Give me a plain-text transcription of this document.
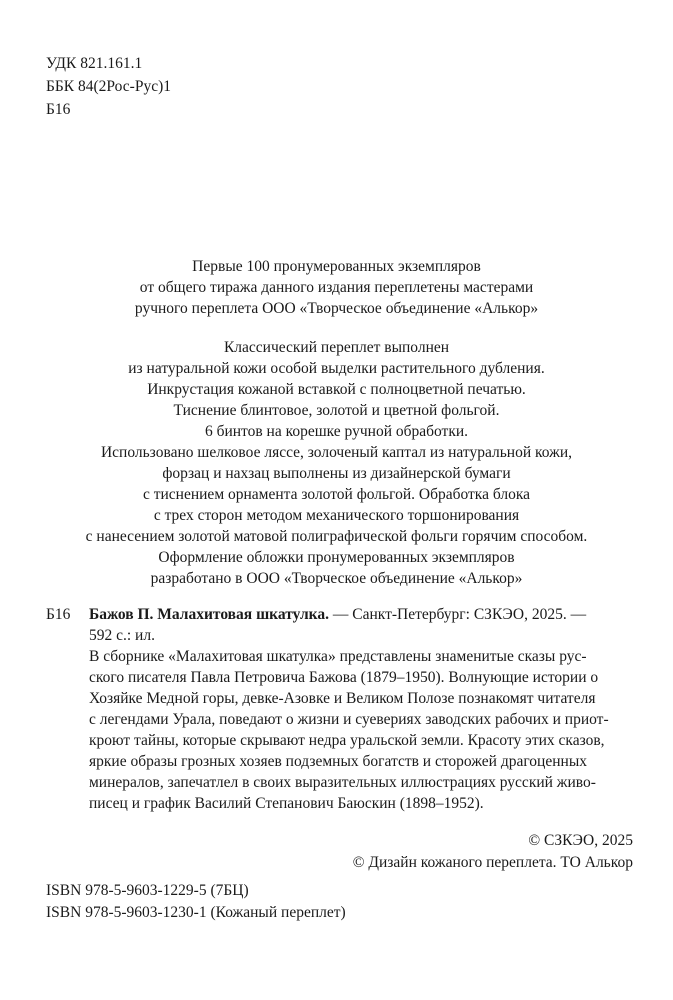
УДК 821.161.1
ББК 84(2Рос-Рус)1
Б16
Первые 100 пронумерованных экземпляров
от общего тиража данного издания переплетены мастерами
ручного переплета ООО «Творческое объединение «Алькор»
Классический переплет выполнен
из натуральной кожи особой выделки растительного дубления.
Инкрустация кожаной вставкой с полноцветной печатью.
Тиснение блинтовое, золотой и цветной фольгой.
6 бинтов на корешке ручной обработки.
Использовано шелковое ляссе, золоченый каптал из натуральной кожи,
форзац и нахзац выполнены из дизайнерской бумаги
с тиснением орнамента золотой фольгой. Обработка блока
с трех сторон методом механического торшонирования
с нанесением золотой матовой полиграфической фольги горячим способом.
Оформление обложки пронумерованных экземпляров
разработано в ООО «Творческое объединение «Алькор»
Б16 Бажов П. Малахитовая шкатулка. — Санкт-Петербург: СЗКЭО, 2025. —
592 с.: ил.
В сборнике «Малахитовая шкатулка» представлены знаменитые сказы рус-
ского писателя Павла Петровича Бажова (1879–1950). Волнующие истории о
Хозяйке Медной горы, девке-Азовке и Великом Полозе познакомят читателя
с легендами Урала, поведают о жизни и суевериях заводских рабочих и приот-
кроют тайны, которые скрывают недра уральской земли. Красоту этих сказов,
яркие образы грозных хозяев подземных богатств и сторожей драгоценных
минералов, запечатлел в своих выразительных иллюстрациях русский живо-
писец и график Василий Степанович Баюскин (1898–1952).
© СЗКЭО, 2025
© Дизайн кожаного переплета. ТО Алькор
ISBN 978-5-9603-1229-5 (7БЦ)
ISBN 978-5-9603-1230-1 (Кожаный переплет)
